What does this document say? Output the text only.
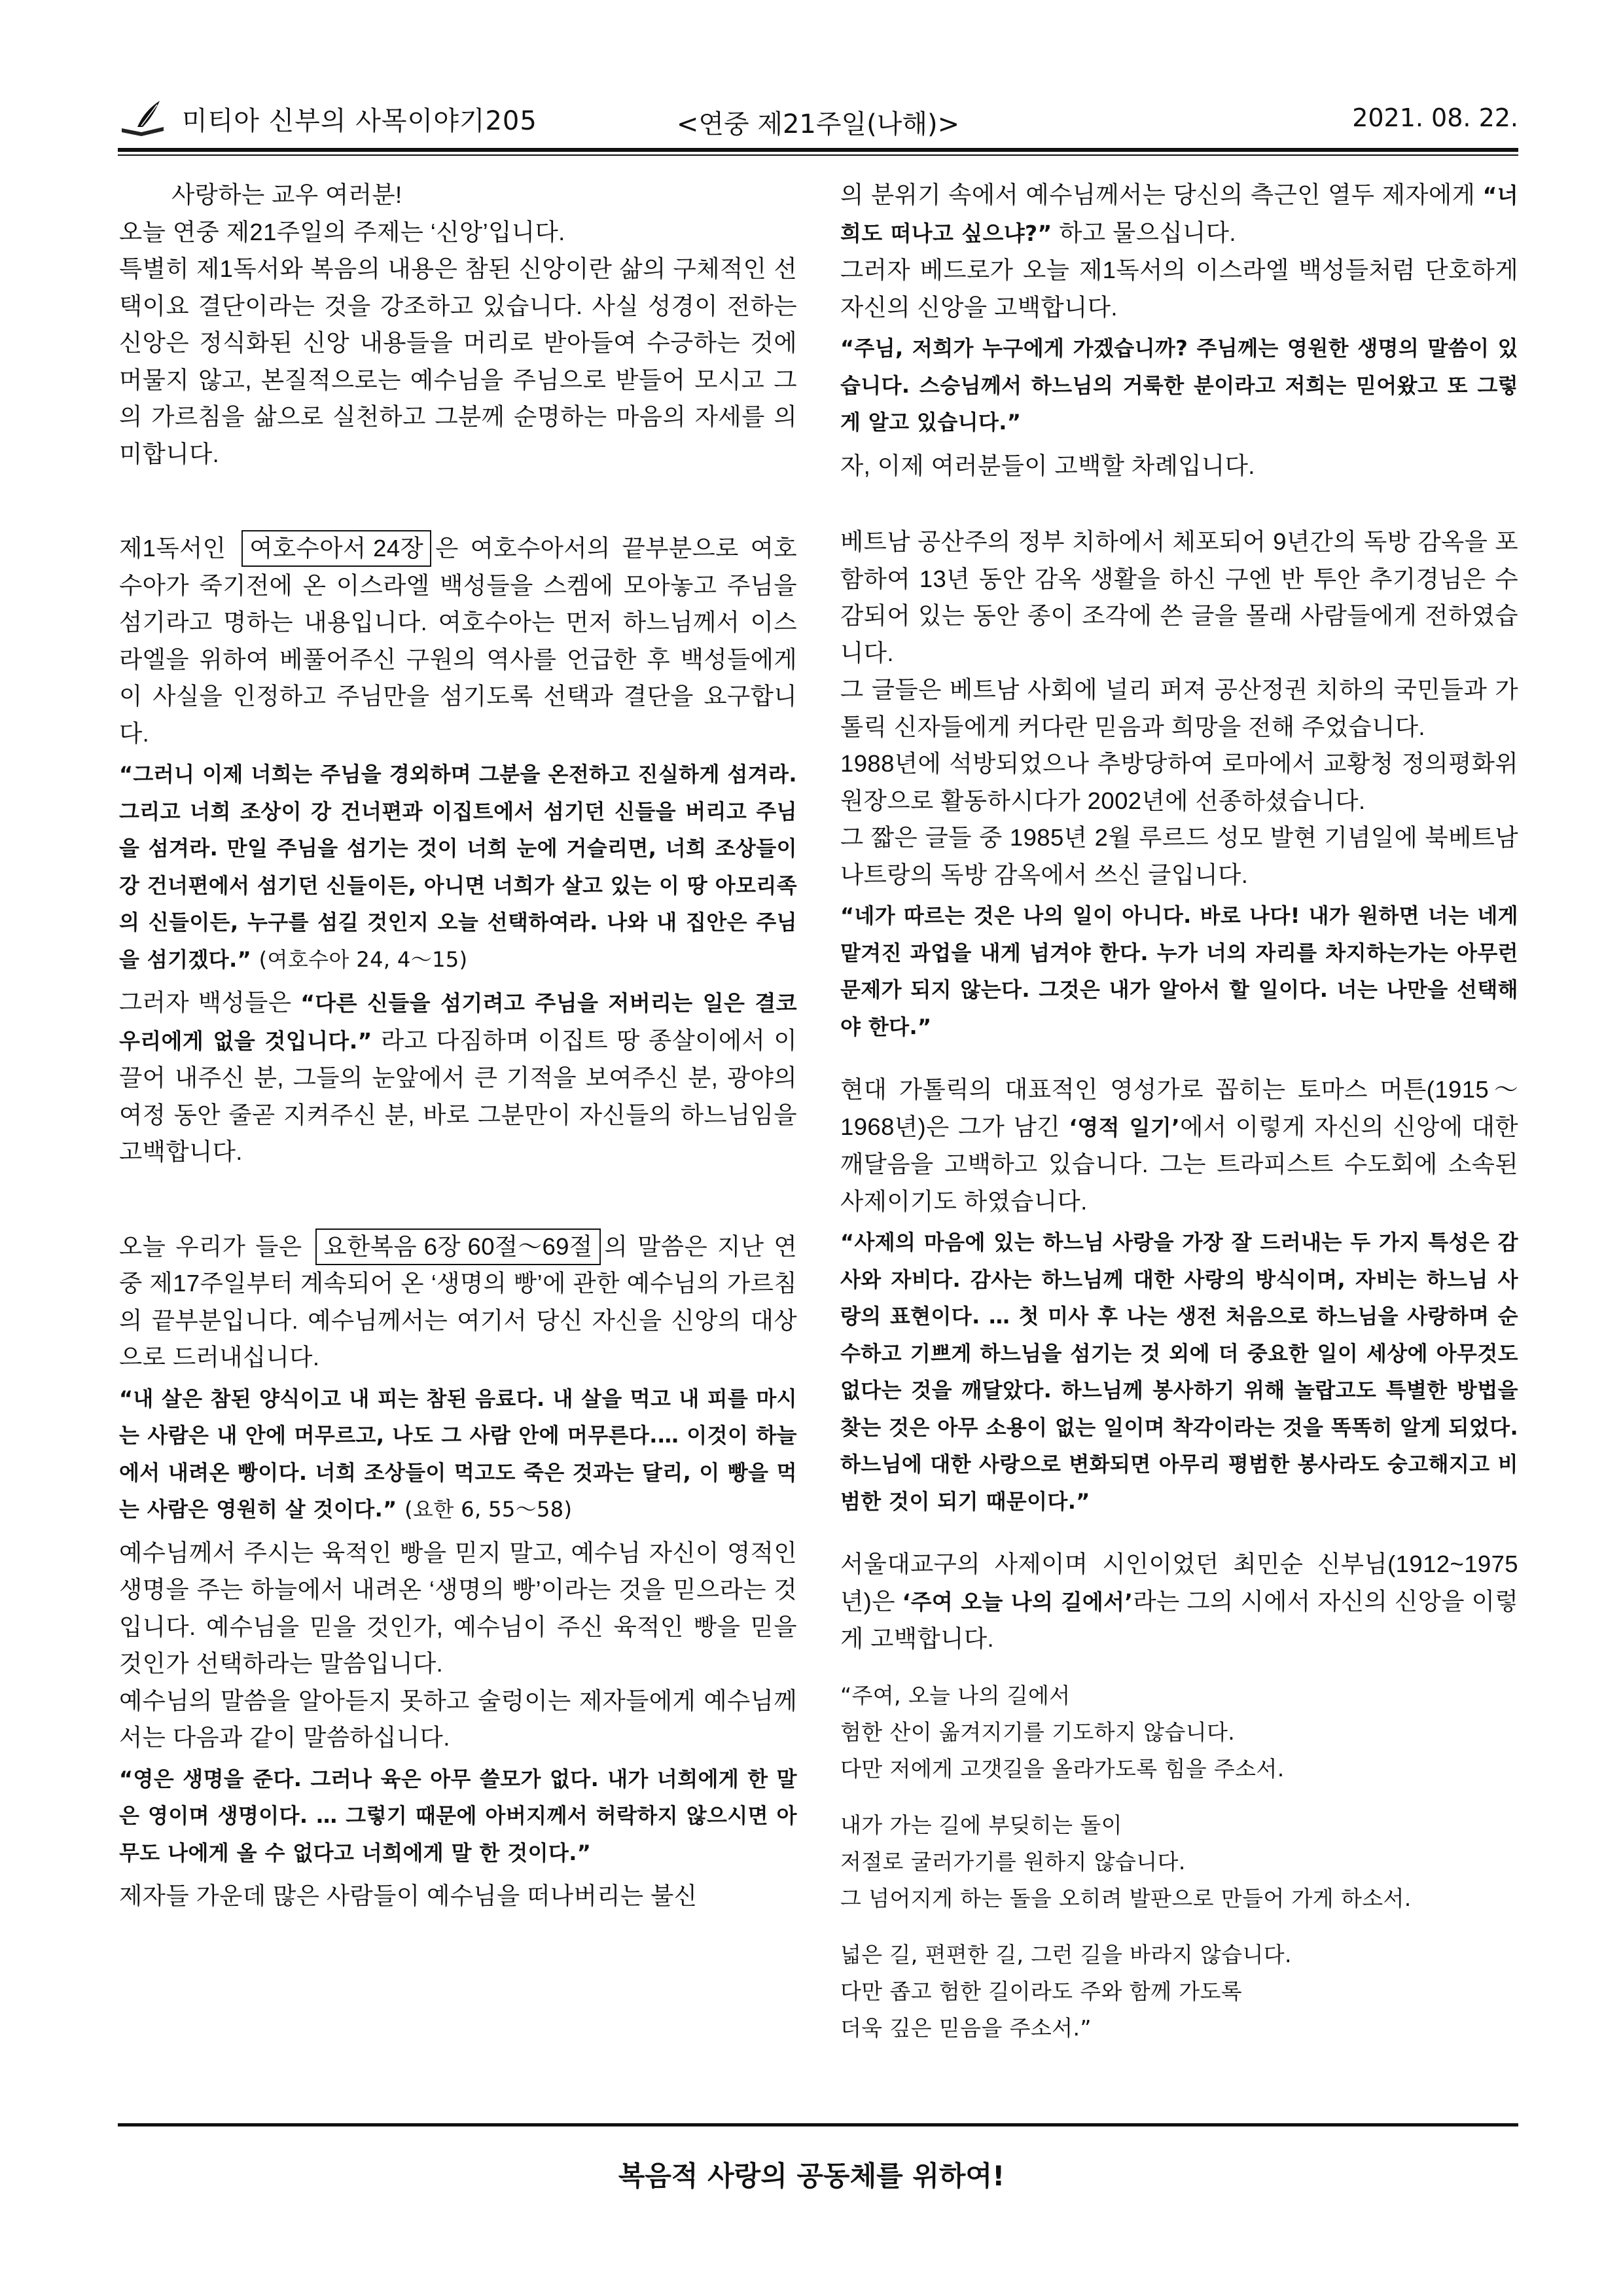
미티아 신부의 사목이야기205	<연중 제21주일(나해)>	2021. 08. 22.

사랑하는 교우 여러분!

오늘 연중 제21주일의 주제는 ‘신앙’입니다.

특별히 제1독서와 복음의 내용은 참된 신앙이란 삶의 구체적인 선택이요 결단이라는 것을 강조하고 있습니다. 사실 성경이 전하는 신앙은 정식화된 신앙 내용들을 머리로 받아들여 수긍하는 것에 머물지 않고, 본질적으로는 예수님을 주님으로 받들어 모시고 그의 가르침을 삶으로 실천하고 그분께 순명하는 마음의 자세를 의미합니다.

제1독서인 여호수아서 24장 은 여호수아서의 끝부분으로 여호수아가 죽기전에 온 이스라엘 백성들을 스켐에 모아놓고 주님을 섬기라고 명하는 내용입니다. 여호수아는 먼저 하느님께서 이스라엘을 위하여 베풀어주신 구원의 역사를 언급한 후 백성들에게 이 사실을 인정하고 주님만을 섬기도록 선택과 결단을 요구합니다.

“그러니 이제 너희는 주님을 경외하며 그분을 온전하고 진실하게 섬겨라. 그리고 너희 조상이 강 건너편과 이집트에서 섬기던 신들을 버리고 주님을 섬겨라. 만일 주님을 섬기는 것이 너희 눈에 거슬리면, 너희 조상들이 강 건너편에서 섬기던 신들이든, 아니면 너희가 살고 있는 이 땅 아모리족의 신들이든, 누구를 섬길 것인지 오늘 선택하여라. 나와 내 집안은 주님을 섬기겠다.” (여호수아 24, 4～15)

그러자 백성들은 “다른 신들을 섬기려고 주님을 저버리는 일은 결코 우리에게 없을 것입니다.” 라고 다짐하며 이집트 땅 종살이에서 이끌어 내주신 분, 그들의 눈앞에서 큰 기적을 보여주신 분, 광야의 여정 동안 줄곧 지켜주신 분, 바로 그분만이 자신들의 하느님임을 고백합니다.

오늘 우리가 들은 요한복음 6장 60절～69절 의 말씀은 지난 연중 제17주일부터 계속되어 온 ‘생명의 빵’에 관한 예수님의 가르침의 끝부분입니다. 예수님께서는 여기서 당신 자신을 신앙의 대상으로 드러내십니다.

“내 살은 참된 양식이고 내 피는 참된 음료다. 내 살을 먹고 내 피를 마시는 사람은 내 안에 머무르고, 나도 그 사람 안에 머무른다.… 이것이 하늘에서 내려온 빵이다. 너희 조상들이 먹고도 죽은 것과는 달리, 이 빵을 먹는 사람은 영원히 살 것이다.” (요한 6, 55～58)

예수님께서 주시는 육적인 빵을 믿지 말고, 예수님 자신이 영적인 생명을 주는 하늘에서 내려온 ‘생명의 빵’이라는 것을 믿으라는 것입니다. 예수님을 믿을 것인가, 예수님이 주신 육적인 빵을 믿을 것인가 선택하라는 말씀입니다.

예수님의 말씀을 알아듣지 못하고 술렁이는 제자들에게 예수님께서는 다음과 같이 말씀하십니다.

“영은 생명을 준다. 그러나 육은 아무 쓸모가 없다. 내가 너희에게 한 말은 영이며 생명이다. … 그렇기 때문에 아버지께서 허락하지 않으시면 아무도 나에게 올 수 없다고 너희에게 말 한 것이다.”

제자들 가운데 많은 사람들이 예수님을 떠나버리는 불신

의 분위기 속에서 예수님께서는 당신의 측근인 열두 제자에게 “너희도 떠나고 싶으냐?” 하고 물으십니다.

그러자 베드로가 오늘 제1독서의 이스라엘 백성들처럼 단호하게 자신의 신앙을 고백합니다.

“주님, 저희가 누구에게 가겠습니까? 주님께는 영원한 생명의 말씀이 있습니다. 스승님께서 하느님의 거룩한 분이라고 저희는 믿어왔고 또 그렇게 알고 있습니다.”

자, 이제 여러분들이 고백할 차례입니다.

베트남 공산주의 정부 치하에서 체포되어 9년간의 독방 감옥을 포함하여 13년 동안 감옥 생활을 하신 구엔 반 투안 추기경님은 수감되어 있는 동안 종이 조각에 쓴 글을 몰래 사람들에게 전하였습니다.

그 글들은 베트남 사회에 널리 퍼져 공산정권 치하의 국민들과 가톨릭 신자들에게 커다란 믿음과 희망을 전해 주었습니다.

1988년에 석방되었으나 추방당하여 로마에서 교황청 정의평화위원장으로 활동하시다가 2002년에 선종하셨습니다.

그 짧은 글들 중 1985년 2월 루르드 성모 발현 기념일에 북베트남 나트랑의 독방 감옥에서 쓰신 글입니다.

“네가 따르는 것은 나의 일이 아니다. 바로 나다! 내가 원하면 너는 네게 맡겨진 과업을 내게 넘겨야 한다. 누가 너의 자리를 차지하는가는 아무런 문제가 되지 않는다. 그것은 내가 알아서 할 일이다. 너는 나만을 선택해야 한다.”

현대 가톨릭의 대표적인 영성가로 꼽히는 토마스 머튼(1915～1968년)은 그가 남긴 ‘영적 일기’에서 이렇게 자신의 신앙에 대한 깨달음을 고백하고 있습니다. 그는 트라피스트 수도회에 소속된 사제이기도 하였습니다.

“사제의 마음에 있는 하느님 사랑을 가장 잘 드러내는 두 가지 특성은 감사와 자비다. 감사는 하느님께 대한 사랑의 방식이며, 자비는 하느님 사랑의 표현이다. … 첫 미사 후 나는 생전 처음으로 하느님을 사랑하며 순수하고 기쁘게 하느님을 섬기는 것 외에 더 중요한 일이 세상에 아무것도 없다는 것을 깨달았다. 하느님께 봉사하기 위해 놀랍고도 특별한 방법을 찾는 것은 아무 소용이 없는 일이며 착각이라는 것을 똑똑히 알게 되었다. 하느님에 대한 사랑으로 변화되면 아무리 평범한 봉사라도 숭고해지고 비범한 것이 되기 때문이다.”

서울대교구의 사제이며 시인이었던 최민순 신부님(1912~1975년)은 ‘주여 오늘 나의 길에서’라는 그의 시에서 자신의 신앙을 이렇게 고백합니다.

“주여, 오늘 나의 길에서

험한 산이 옮겨지기를 기도하지 않습니다.

다만 저에게 고갯길을 올라가도록 힘을 주소서.

내가 가는 길에 부딪히는 돌이

저절로 굴러가기를 원하지 않습니다.

그 넘어지게 하는 돌을 오히려 발판으로 만들어 가게 하소서.

넓은 길, 편편한 길, 그런 길을 바라지 않습니다.

다만 좁고 험한 길이라도 주와 함께 가도록

더욱 깊은 믿음을 주소서.”

복음적 사랑의 공동체를 위하여!
